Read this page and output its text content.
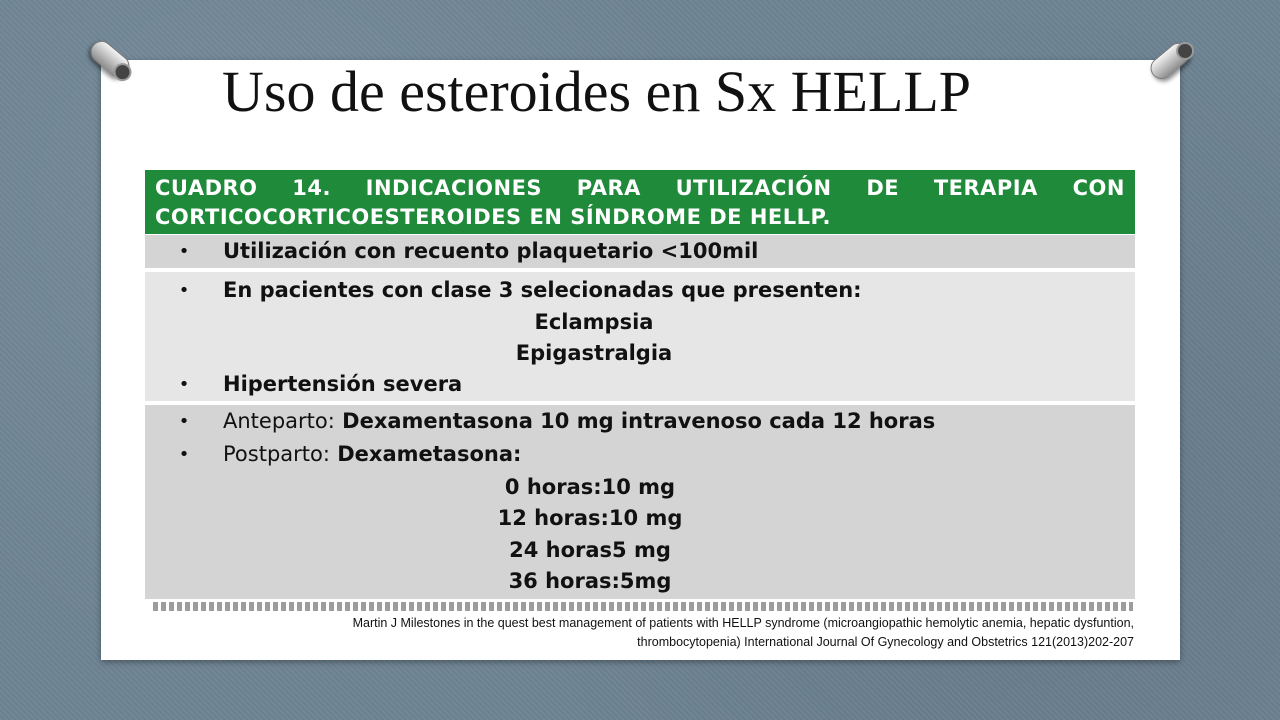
Uso de esteroides en Sx HELLP
CUADRO 14. INDICACIONES PARA UTILIZACIÓN DE TERAPIA CON
CORTICOCORTICOESTEROIDES EN SÍNDROME DE HELLP.
•	Utilización con recuento plaquetario <100mil
•	En pacientes con clase 3 selecionadas que presenten:
Eclampsia
Epigastralgia
•	Hipertensión severa
•	Anteparto: Dexamentasona 10 mg intravenoso cada 12 horas
•	Postparto: Dexametasona:
0 horas:10 mg
12 horas:10 mg
24 horas5 mg
36 horas:5mg
Martin J Milestones in the quest best management of patients with HELLP syndrome (microangiopathic hemolytic anemia, hepatic dysfuntion,
thrombocytopenia) International Journal Of Gynecology and Obstetrics 121(2013)202-207
